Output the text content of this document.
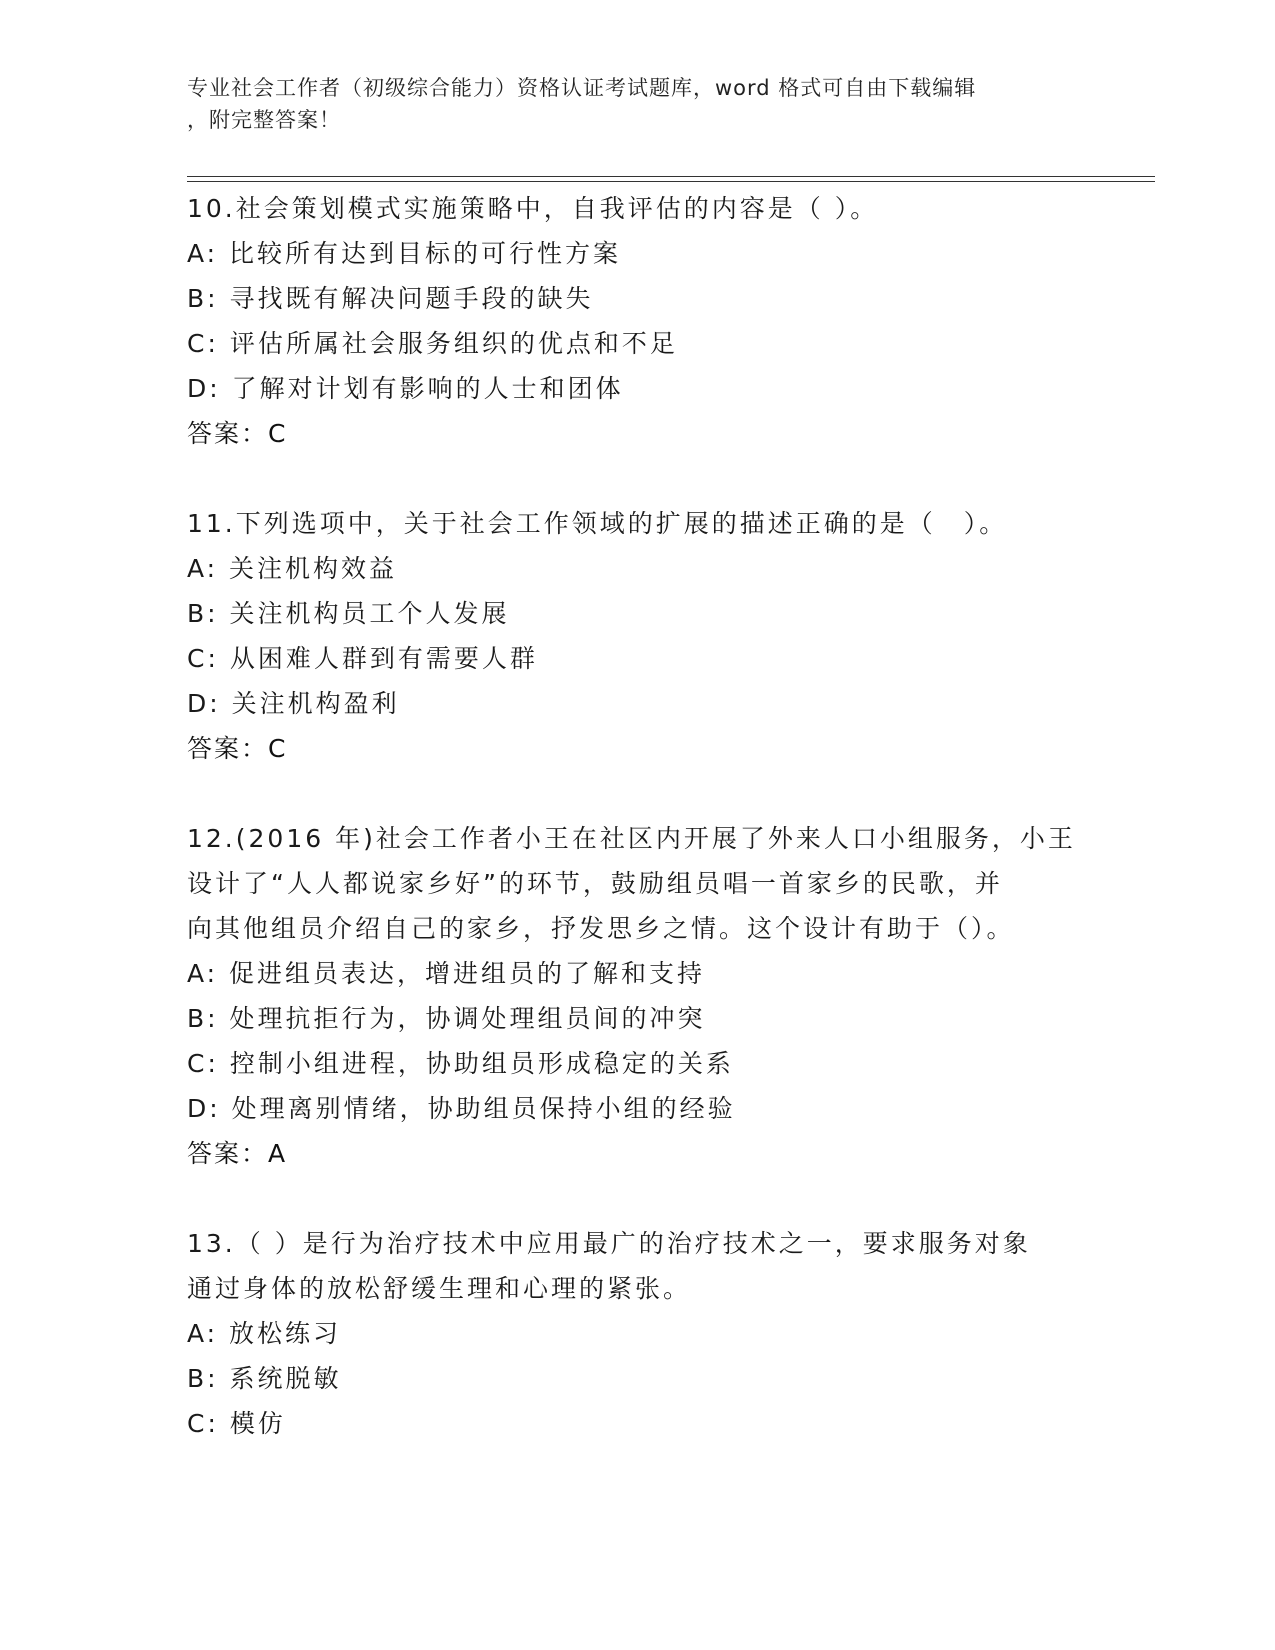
专业社会工作者（初级综合能力）资格认证考试题库，word 格式可自由下载编辑
，附完整答案！
10.社会策划模式实施策略中，自我评估的内容是（ ）。
A: 比较所有达到目标的可行性方案
B: 寻找既有解决问题手段的缺失
C: 评估所属社会服务组织的优点和不足
D: 了解对计划有影响的人士和团体
答案：C
11.下列选项中，关于社会工作领域的扩展的描述正确的是（　）。
A: 关注机构效益
B: 关注机构员工个人发展
C: 从困难人群到有需要人群
D: 关注机构盈利
答案：C
12.(2016 年)社会工作者小王在社区内开展了外来人口小组服务，小王
设计了“人人都说家乡好”的环节，鼓励组员唱一首家乡的民歌，并
向其他组员介绍自己的家乡，抒发思乡之情。这个设计有助于（）。
A: 促进组员表达，增进组员的了解和支持
B: 处理抗拒行为，协调处理组员间的冲突
C: 控制小组进程，协助组员形成稳定的关系
D: 处理离别情绪，协助组员保持小组的经验
答案：A
13.（ ）是行为治疗技术中应用最广的治疗技术之一，要求服务对象
通过身体的放松舒缓生理和心理的紧张。
A: 放松练习
B: 系统脱敏
C: 模仿
